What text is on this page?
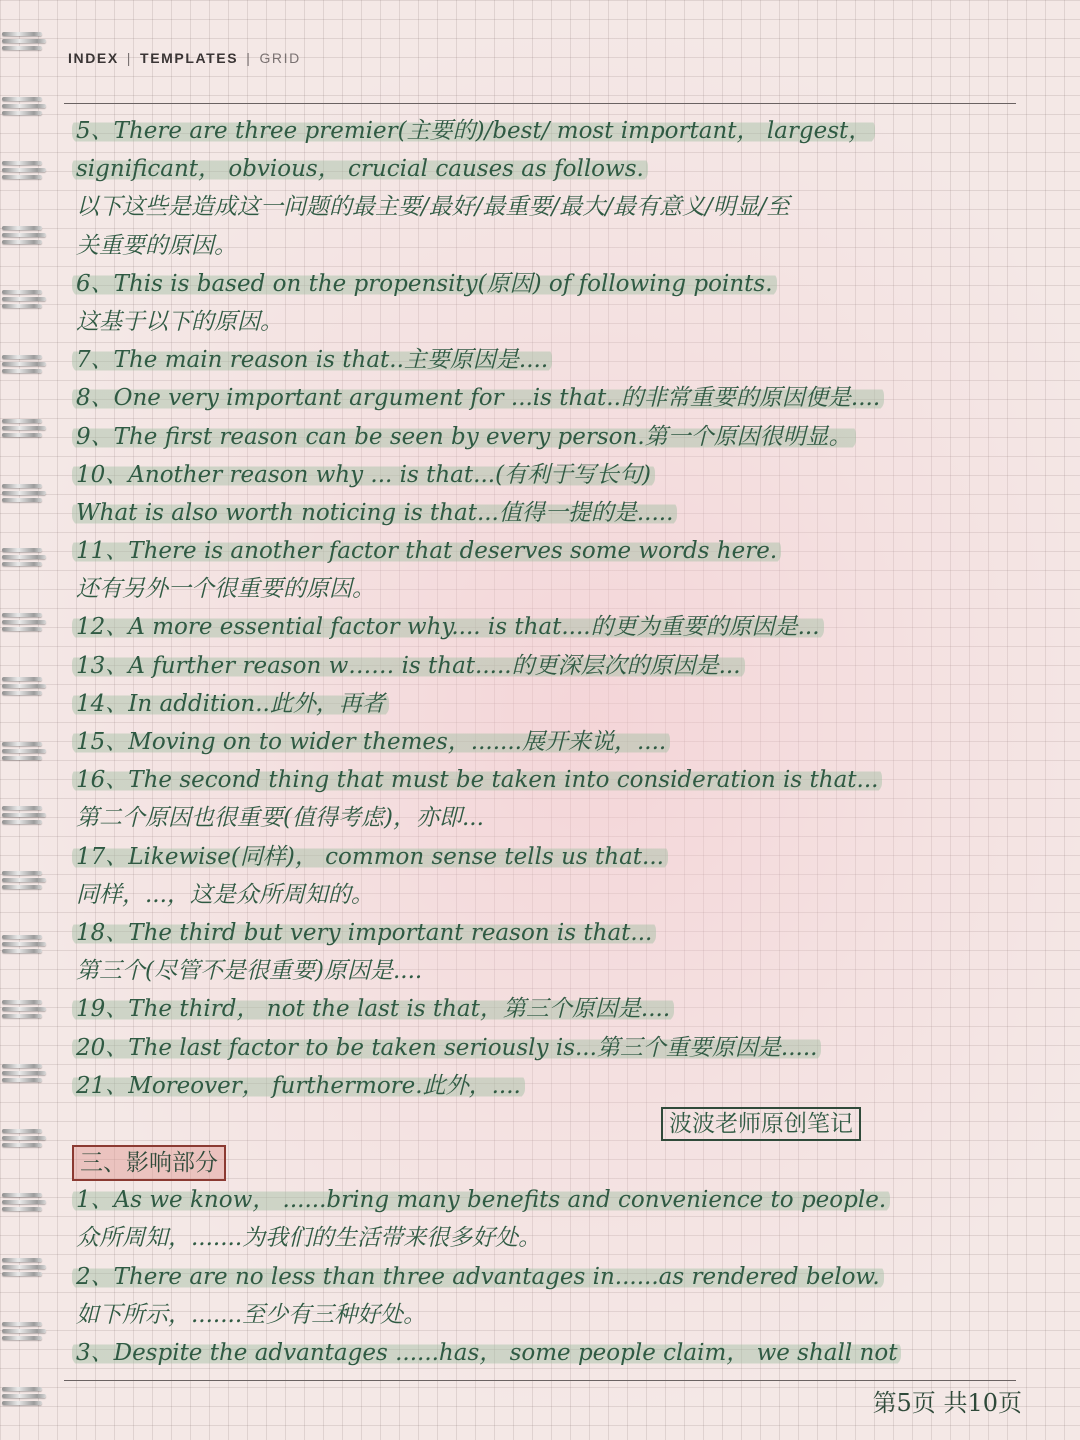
INDEX | TEMPLATES | GRID
5、There are three premier(主要的)/best/ most important， largest，
significant， obvious， crucial causes as follows.
以下这些是造成这一问题的最主要/最好/最重要/最大/最有意义/明显/至
关重要的原因。
6、This is based on the propensity(原因) of following points.
这基于以下的原因。
7、The main reason is that..主要原因是....
8、One very important argument for ...is that..的非常重要的原因便是....
9、The first reason can be seen by every person.第一个原因很明显。
10、Another reason why ... is that...(有利于写长句)
What is also worth noticing is that...值得一提的是.....
11、There is another factor that deserves some words here.
还有另外一个很重要的原因。
12、A more essential factor why.... is that....的更为重要的原因是...
13、A further reason w…… is that.....的更深层次的原因是...
14、In addition..此外，再者
15、Moving on to wider themes，.......展开来说，....
16、The second thing that must be taken into consideration is that...
第二个原因也很重要(值得考虑)，亦即...
17、Likewise(同样)， common sense tells us that...
同样，...，这是众所周知的。
18、The third but very important reason is that...
第三个(尽管不是很重要)原因是....
19、The third， not the last is that，第三个原因是....
20、The last factor to be taken seriously is...第三个重要原因是.....
21、Moreover， furthermore.此外，....
波波老师原创笔记
三、影响部分
1、As we know， ......bring many benefits and convenience to people.
众所周知，.......为我们的生活带来很多好处。
2、There are no less than three advantages in......as rendered below.
如下所示，.......至少有三种好处。
3、Despite the advantages ......has， some people claim， we shall not
第5页 共10页
